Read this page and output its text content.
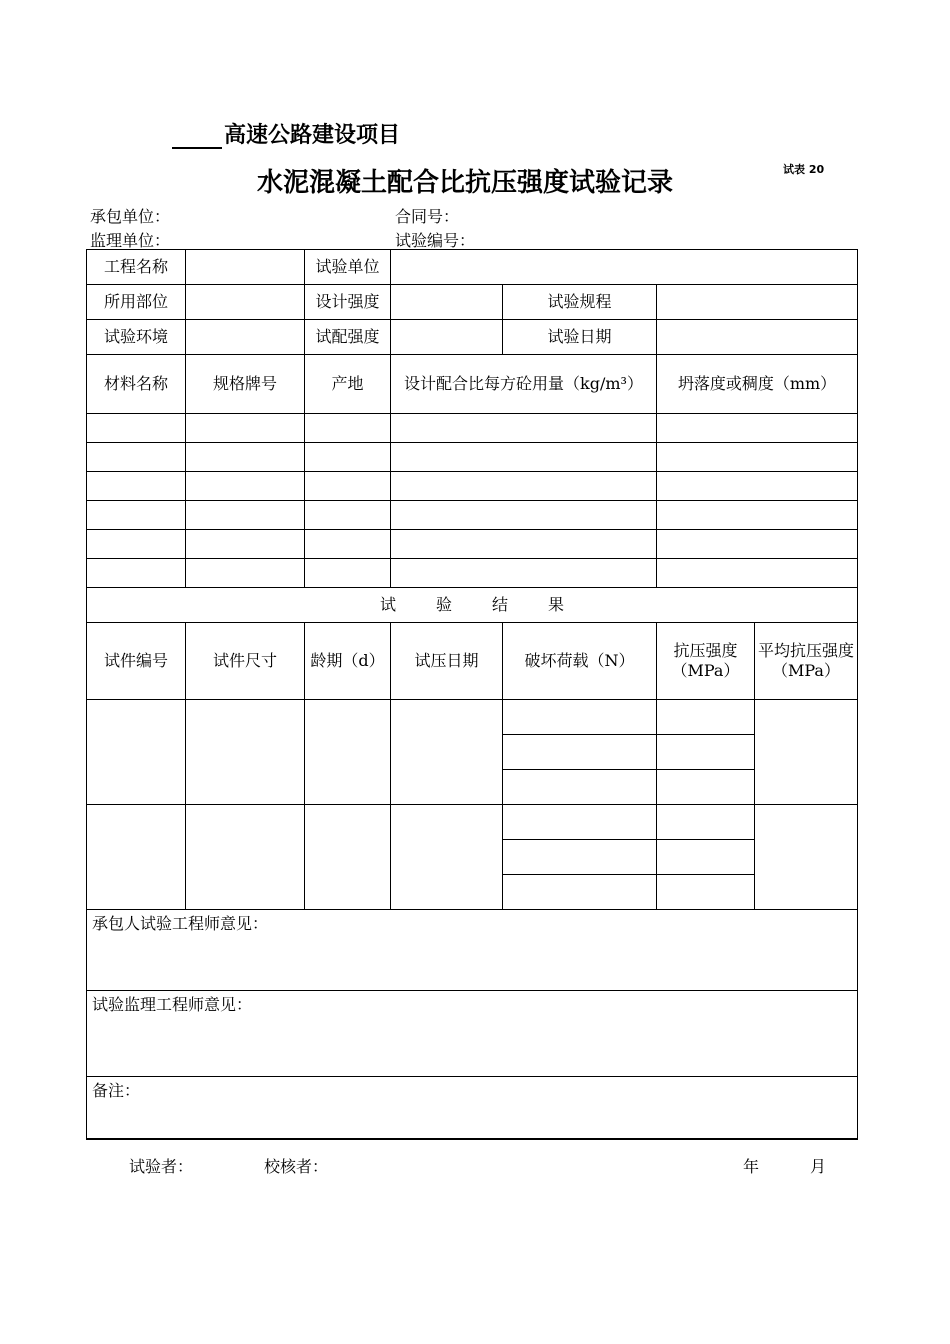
高速公路建设项目
水泥混凝土配合比抗压强度试验记录	试表 20
承包单位：	合同号：
监理单位：	试验编号：
工程名称		试验单位				
所用部位		设计强度		试验规程		
试验环境		试配强度		试验日期		
材料名称	规格牌号	产地	设计配合比每方砼用量（kg/m³）		坍落度或稠度（mm）	

试验结果						
试件编号	试件尺寸	龄期（d）	试压日期	破坏荷载（N）	抗压强度（MPa）	平均抗压强度（MPa）

承包人试验工程师意见：						
试验监理工程师意见：						
备注：						
试验者：	校核者：	年	月
